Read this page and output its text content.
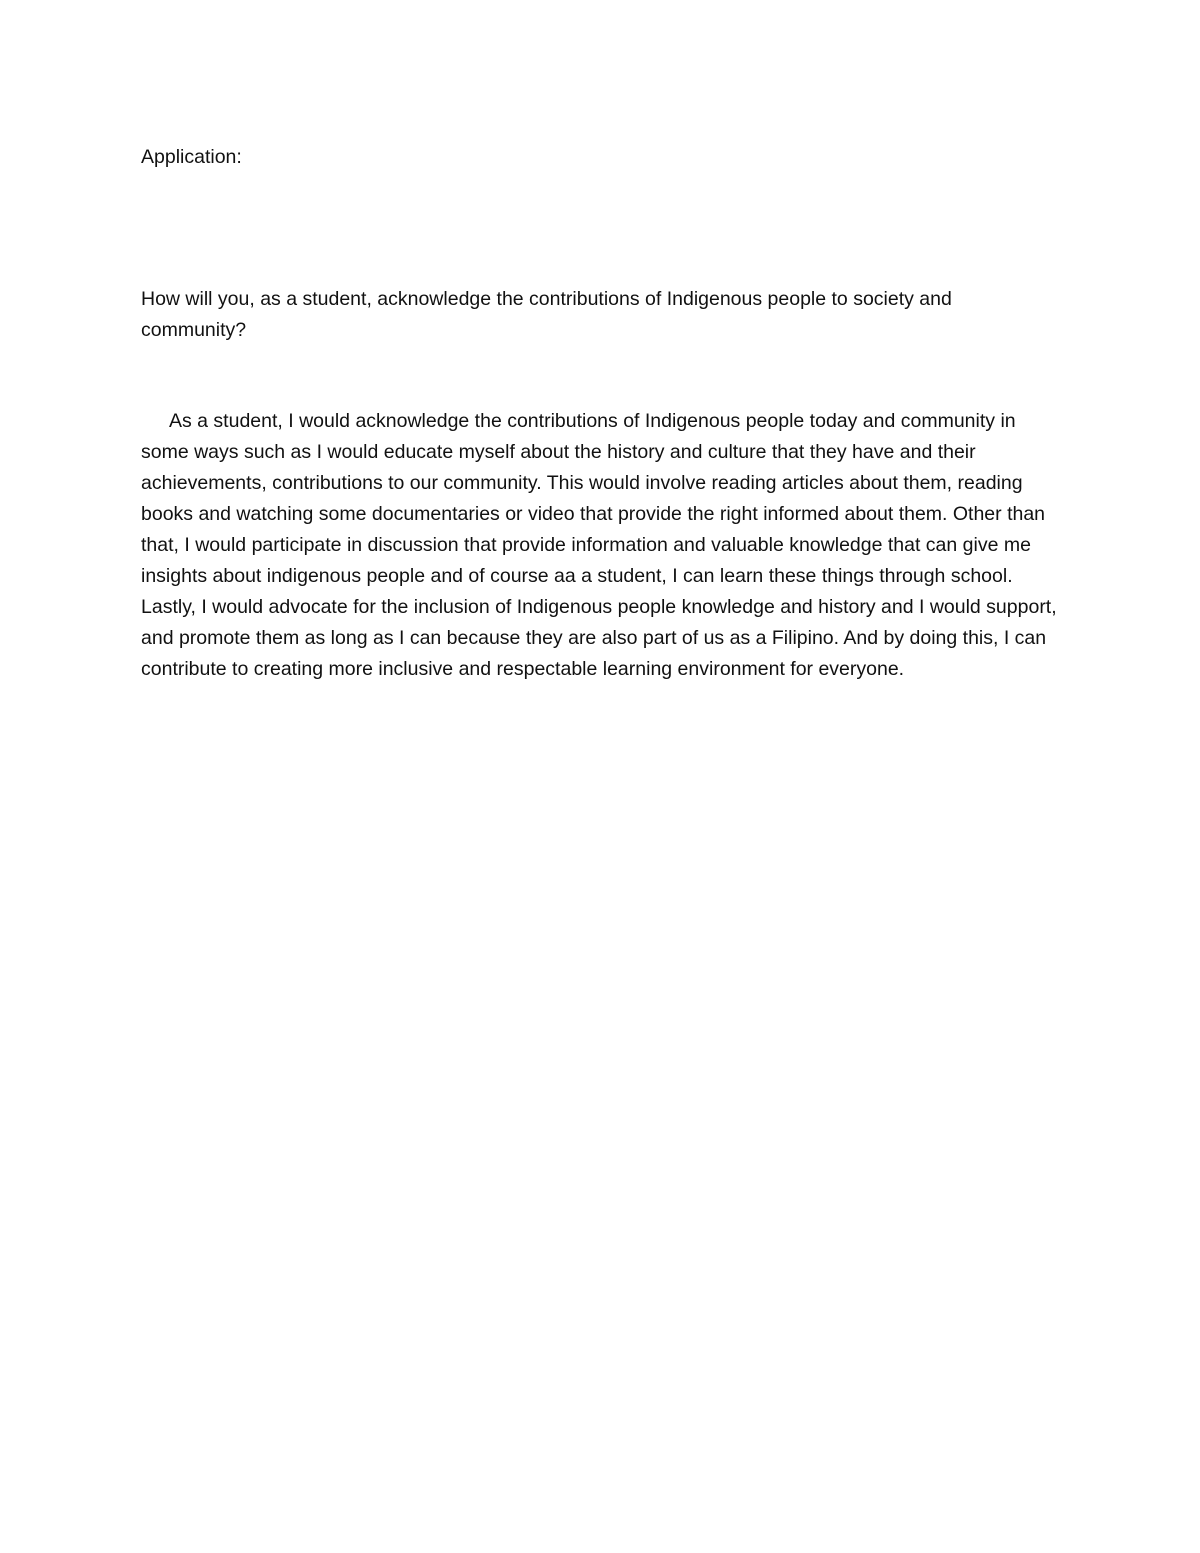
Application:

How will you, as a student, acknowledge the contributions of Indigenous people to society and community?

As a student, I would acknowledge the contributions of Indigenous people today and community in some ways such as I would educate myself about the history and culture that they have and their achievements, contributions to our community. This would involve reading articles about them, reading books and watching some documentaries or video that provide the right informed about them. Other than that, I would participate in discussion that provide information and valuable knowledge that can give me insights about indigenous people and of course aa a student, I can learn these things through school. Lastly, I would advocate for the inclusion of Indigenous people knowledge and history and I would support, and promote them as long as I can because they are also part of us as a Filipino. And by doing this, I can contribute to creating more inclusive and respectable learning environment for everyone.
